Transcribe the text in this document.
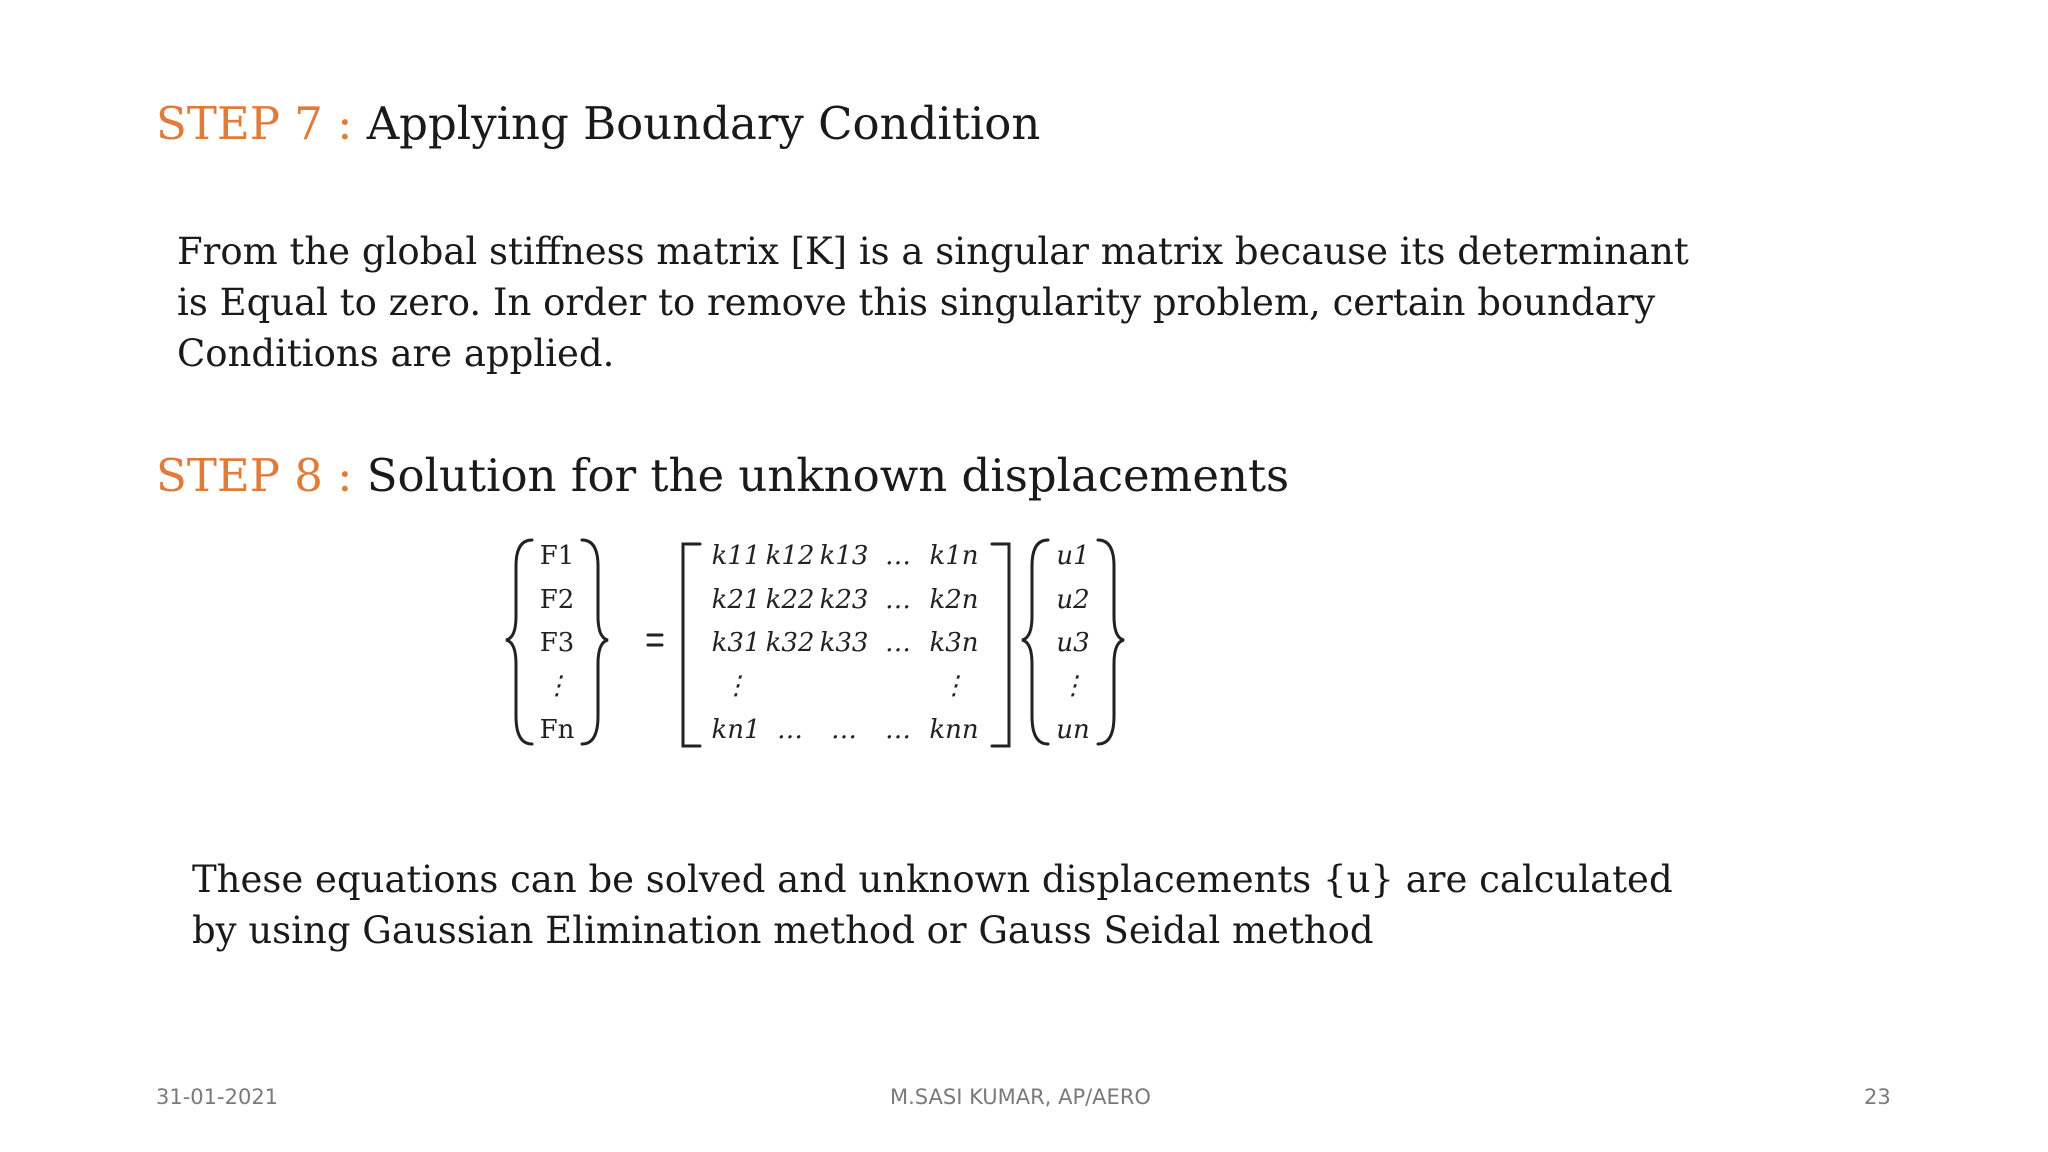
STEP 7 : Applying Boundary Condition

From the global stiffness matrix [K] is a singular matrix because its determinant is Equal to zero. In order to remove this singularity problem, certain boundary Conditions are applied.

STEP 8 : Solution for the unknown displacements
F1
F2
F3
⋮
Fn
k11 k12 k13 … k1n
k21 k22 k23 … k2n
k31 k32 k33 … k3n
⋮	⋮
kn1 … … … knn
u1
u2
u3
⋮
un

These equations can be solved and unknown displacements {u} are calculated by using Gaussian Elimination method or Gauss Seidal method

31-01-2021	M.SASI KUMAR, AP/AERO	23
